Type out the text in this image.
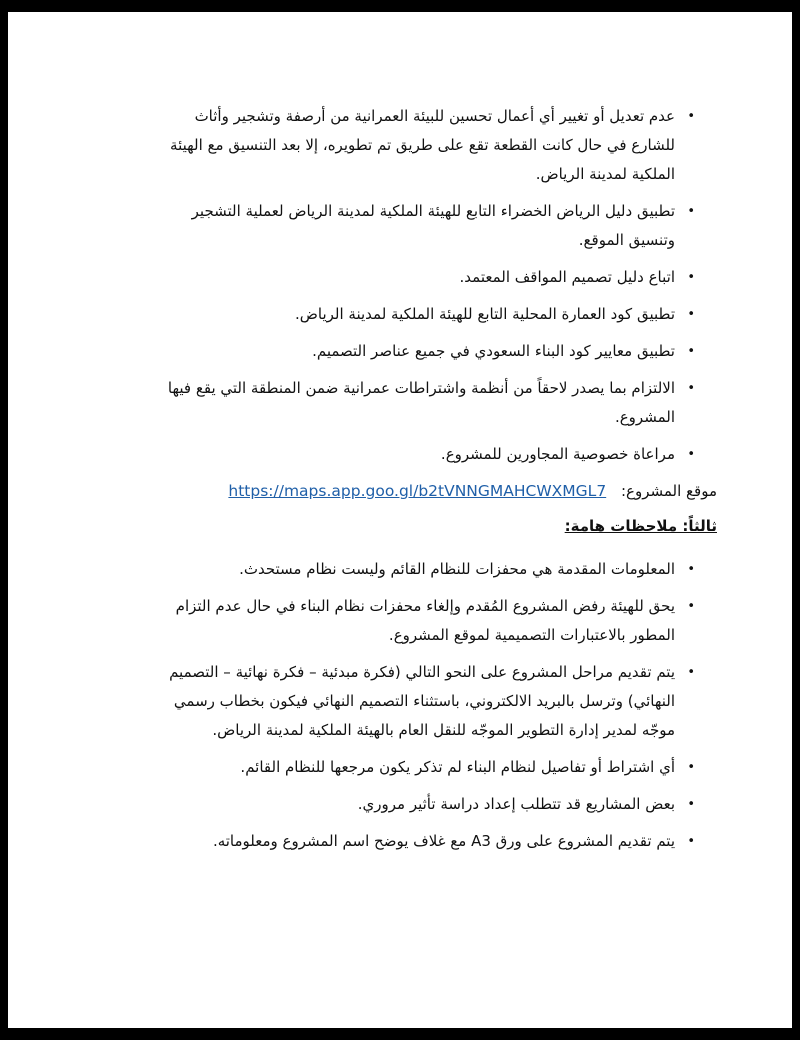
•
عدم تعديل أو تغيير أي أعمال تحسين للبيئة العمرانية من أرصفة وتشجير وأثاث للشارع في حال كانت القطعة تقع على طريق تم تطويره، إلا بعد التنسيق مع الهيئة الملكية لمدينة الرياض.
•
تطبيق دليل الرياض الخضراء التابع للهيئة الملكية لمدينة الرياض لعملية التشجير وتنسيق الموقع.
•
اتباع دليل تصميم المواقف المعتمد.
•
تطبيق كود العمارة المحلية التابع للهيئة الملكية لمدينة الرياض.
•
تطبيق معايير كود البناء السعودي في جميع عناصر التصميم.
•
الالتزام بما يصدر لاحقاً من أنظمة واشتراطات عمرانية ضمن المنطقة التي يقع فيها المشروع.
•
مراعاة خصوصية المجاورين للمشروع.
موقع المشروع: https://maps.app.goo.gl/b2tVNNGMAHCWXMGL7
ثالثاً: ملاحظات هامة:
•
المعلومات المقدمة هي محفزات للنظام القائم وليست نظام مستحدث.
•
يحق للهيئة رفض المشروع المُقدم وإلغاء محفزات نظام البناء في حال عدم التزام المطور بالاعتبارات التصميمية لموقع المشروع.
•
يتم تقديم مراحل المشروع على النحو التالي (فكرة مبدئية – فكرة نهائية – التصميم النهائي) وترسل بالبريد الالكتروني، باستثناء التصميم النهائي فيكون بخطاب رسمي موجّه لمدير إدارة التطوير الموجّه للنقل العام بالهيئة الملكية لمدينة الرياض.
•
أي اشتراط أو تفاصيل لنظام البناء لم تذكر يكون مرجعها للنظام القائم.
•
بعض المشاريع قد تتطلب إعداد دراسة تأثير مروري.
•
يتم تقديم المشروع على ورق A3 مع غلاف يوضح اسم المشروع ومعلوماته.
